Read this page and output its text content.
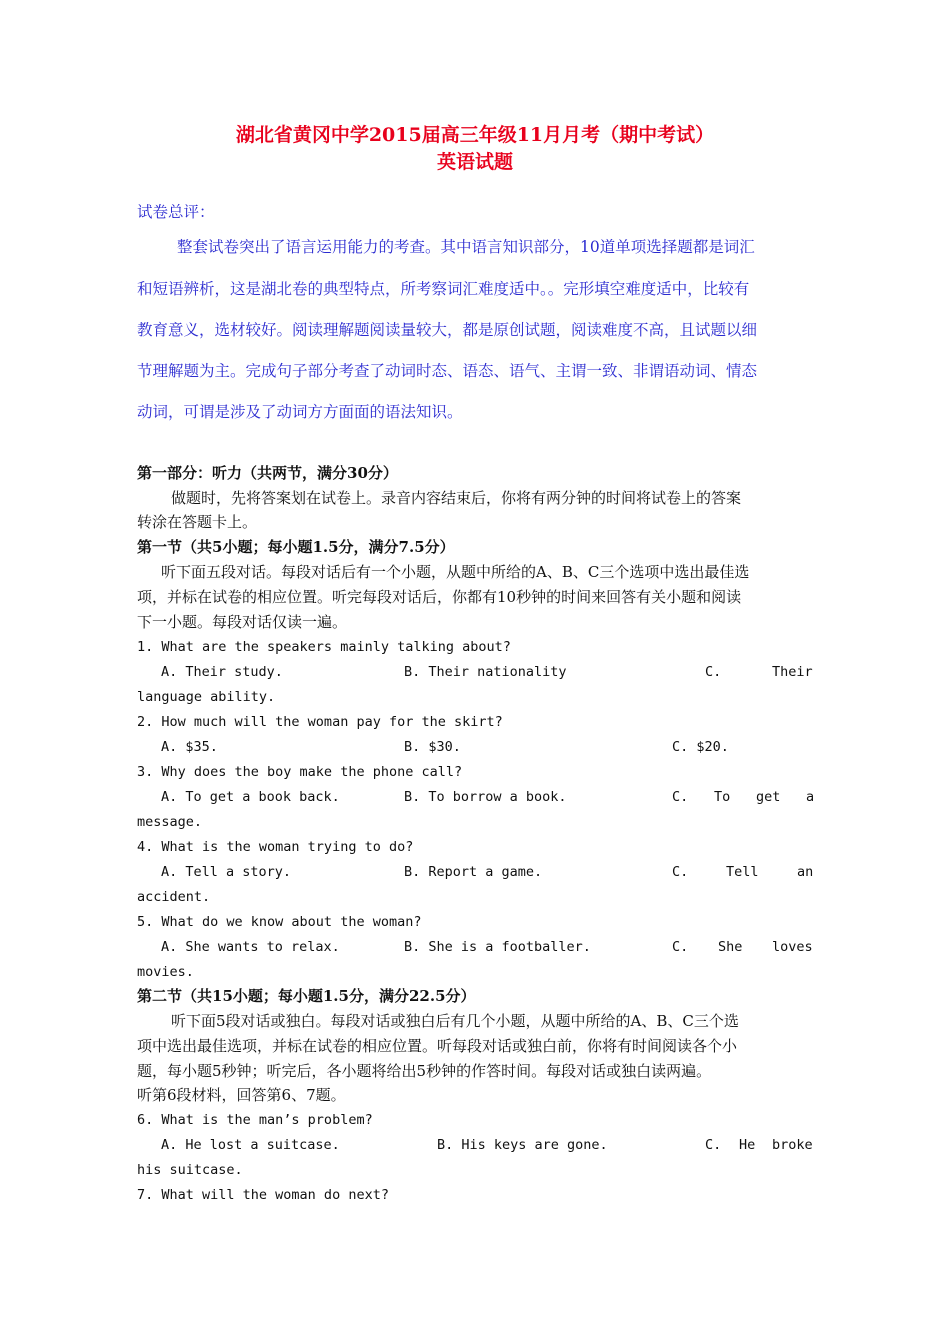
湖北省黄冈中学2015届高三年级11月月考（期中考试）
英语试题
试卷总评：
整套试卷突出了语言运用能力的考查。其中语言知识部分，10道单项选择题都是词汇
和短语辨析，这是湖北卷的典型特点，所考察词汇难度适中。。完形填空难度适中，比较有
教育意义，选材较好。阅读理解题阅读量较大，都是原创试题，阅读难度不高，且试题以细
节理解题为主。完成句子部分考查了动词时态、语态、语气、主谓一致、非谓语动词、情态
动词，可谓是涉及了动词方方面面的语法知识。
第一部分：听力（共两节，满分30分）
做题时，先将答案划在试卷上。录音内容结束后，你将有两分钟的时间将试卷上的答案
转涂在答题卡上。
第一节（共5小题；每小题1.5分，满分7.5分）
听下面五段对话。每段对话后有一个小题，从题中所给的A、B、C三个选项中选出最佳选
项，并标在试卷的相应位置。听完每段对话后，你都有10秒钟的时间来回答有关小题和阅读
下一小题。每段对话仅读一遍。
1. What are the speakers mainly talking about?
A. Their study.	B. Their nationality	C.	Their
language ability.
2. How much will the woman pay for the skirt?
A. $35.	B. $30.	C. $20.
3. Why does the boy make the phone call?
A. To get a book back.	B. To borrow a book.	C. To get a
message.
4. What is the woman trying to do?
A. Tell a story.	B. Report a game.	C.	Tell	an
accident.
5. What do we know about the woman?
A. She wants to relax.	B. She is a footballer.	C. She loves
movies.
第二节（共15小题；每小题1.5分，满分22.5分）
听下面5段对话或独白。每段对话或独白后有几个小题，从题中所给的A、B、C三个选
项中选出最佳选项，并标在试卷的相应位置。听每段对话或独白前，你将有时间阅读各个小
题，每小题5秒钟；听完后，各小题将给出5秒钟的作答时间。每段对话或独白读两遍。
听第6段材料，回答第6、7题。
6. What is the man’s problem?
A. He lost a suitcase.	B. His keys are gone.	C. He broke
his suitcase.
7. What will the woman do next?
